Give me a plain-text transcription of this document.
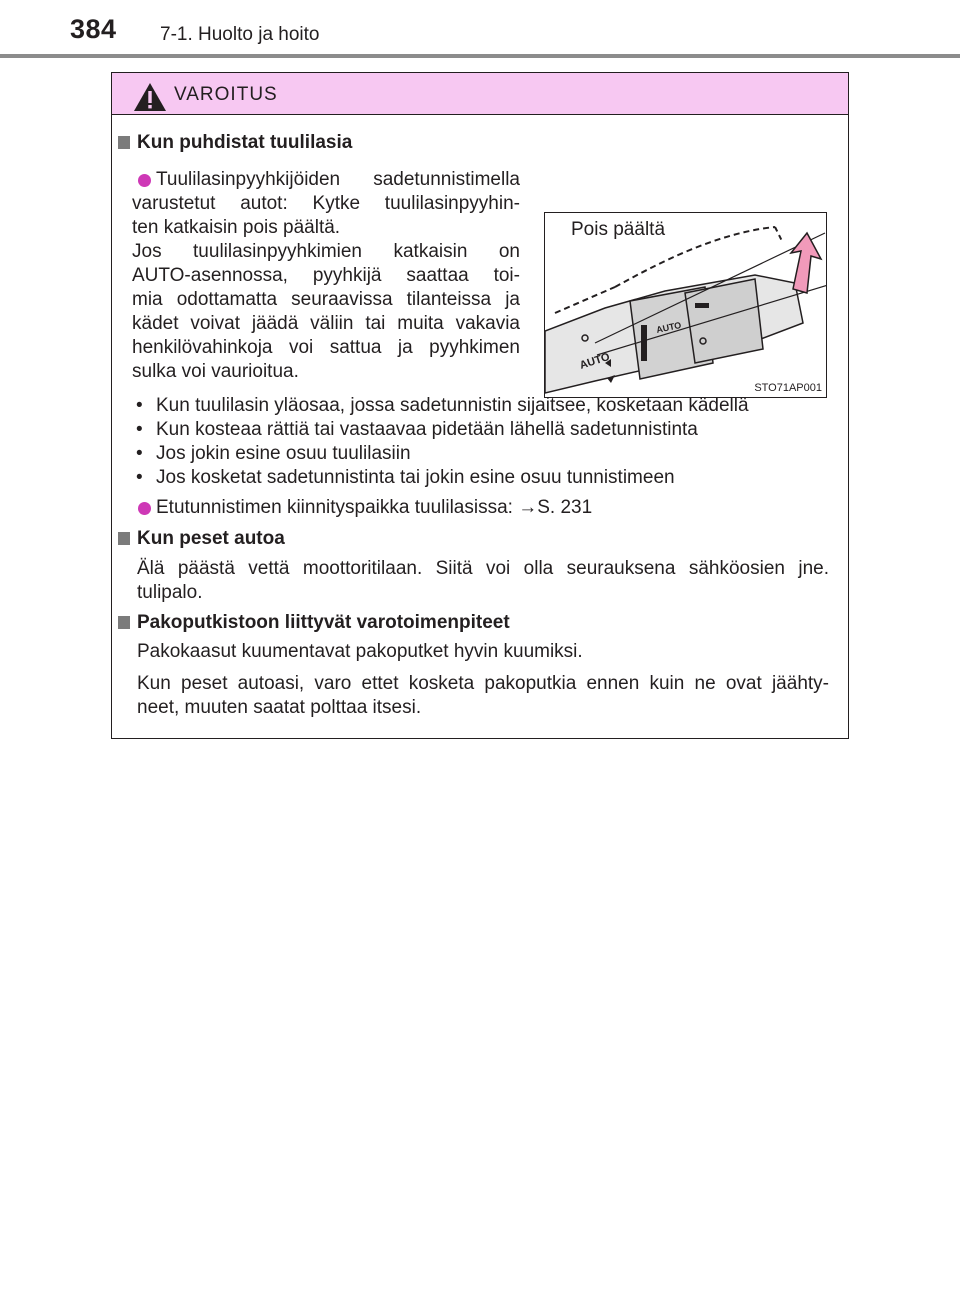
384 7-1. Huolto ja hoito
VAROITUS
Kun puhdistat tuulilasia
Tuulilasinpyyhkijöiden sadetunnistimella
varustetut autot: Kytke tuulilasinpyyhin-
ten katkaisin pois päältä.
Jos tuulilasinpyyhkimien katkaisin on
AUTO-asennossa, pyyhkijä saattaa toi-
mia odottamatta seuraavissa tilanteissa ja
kädet voivat jäädä väliin tai muita vakavia
henkilövahinkoja voi sattua ja pyyhkimen
sulka voi vaurioitua.	AUTO
AUTO
Pois päältä
STO71AP001
• Kun tuulilasin yläosaa, jossa sadetunnistin sijaitsee, kosketaan kädellä
• Kun kosteaa rättiä tai vastaavaa pidetään lähellä sadetunnistinta
• Jos jokin esine osuu tuulilasiin
• Jos kosketat sadetunnistinta tai jokin esine osuu tunnistimeen
Etutunnistimen kiinnityspaikka tuulilasissa: →S. 231
Kun peset autoa
Älä päästä vettä moottoritilaan. Siitä voi olla seurauksena sähköosien jne.
tulipalo.
Pakoputkistoon liittyvät varotoimenpiteet
Pakokaasut kuumentavat pakoputket hyvin kuumiksi.
Kun peset autoasi, varo ettet kosketa pakoputkia ennen kuin ne ovat jäähty-
neet, muuten saatat polttaa itsesi.
